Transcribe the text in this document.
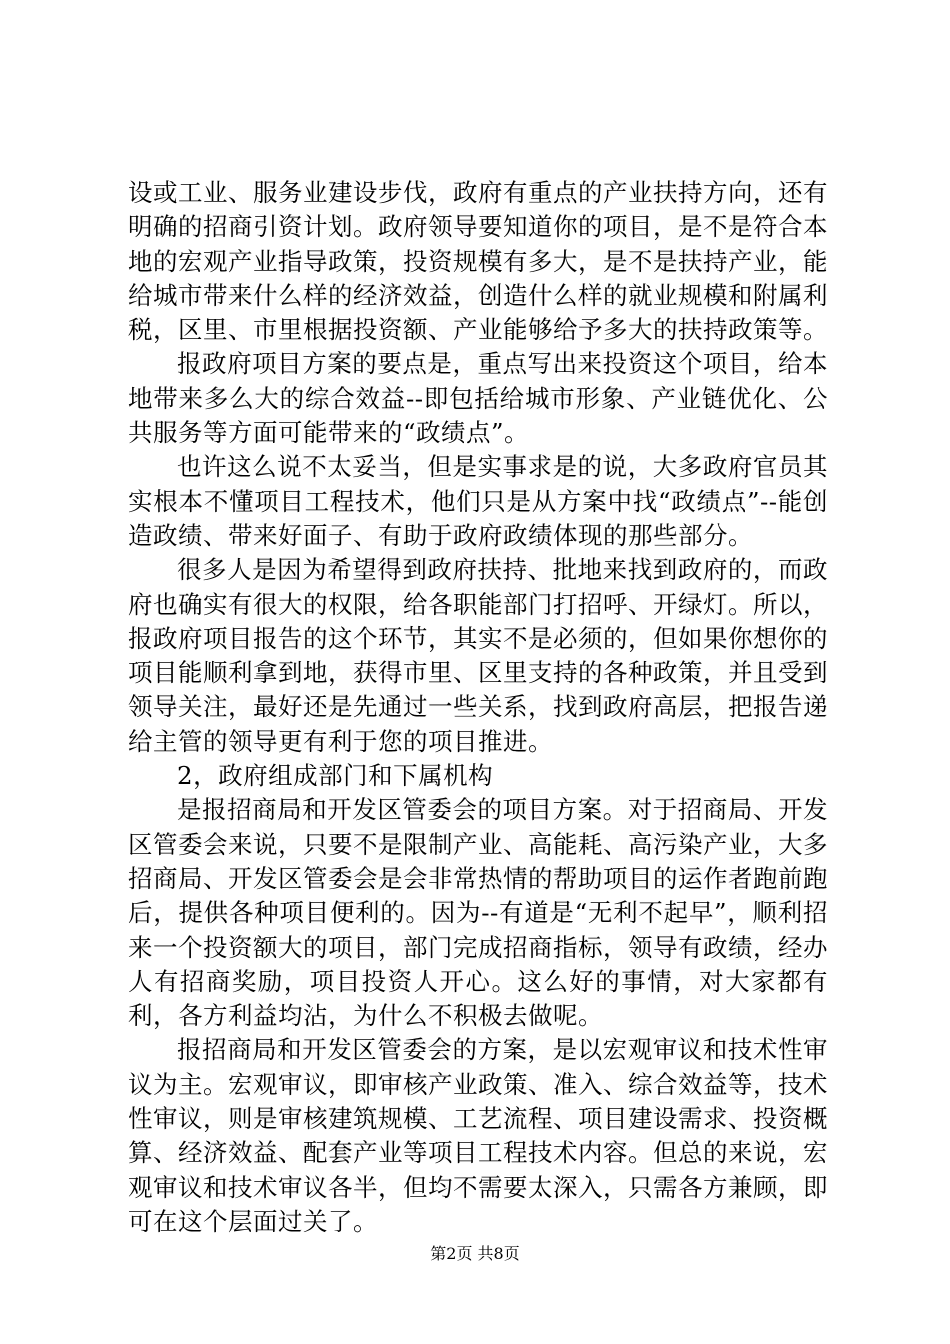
设或工业、服务业建设步伐，政府有重点的产业扶持方向，还有明确的招商引资计划。政府领导要知道你的项目，是不是符合本地的宏观产业指导政策，投资规模有多大，是不是扶持产业，能给城市带来什么样的经济效益，创造什么样的就业规模和附属利税，区里、市里根据投资额、产业能够给予多大的扶持政策等。

报政府项目方案的要点是，重点写出来投资这个项目，给本地带来多么大的综合效益--即包括给城市形象、产业链优化、公共服务等方面可能带来的“政绩点”。

也许这么说不太妥当，但是实事求是的说，大多政府官员其实根本不懂项目工程技术，他们只是从方案中找“政绩点”--能创造政绩、带来好面子、有助于政府政绩体现的那些部分。

很多人是因为希望得到政府扶持、批地来找到政府的，而政府也确实有很大的权限，给各职能部门打招呼、开绿灯。所以，报政府项目报告的这个环节，其实不是必须的，但如果你想你的项目能顺利拿到地，获得市里、区里支持的各种政策，并且受到领导关注，最好还是先通过一些关系，找到政府高层，把报告递给主管的领导更有利于您的项目推进。

2，政府组成部门和下属机构

是报招商局和开发区管委会的项目方案。对于招商局、开发区管委会来说，只要不是限制产业、高能耗、高污染产业，大多招商局、开发区管委会是会非常热情的帮助项目的运作者跑前跑后，提供各种项目便利的。因为--有道是“无利不起早”，顺利招来一个投资额大的项目，部门完成招商指标，领导有政绩，经办人有招商奖励，项目投资人开心。这么好的事情，对大家都有利，各方利益均沾，为什么不积极去做呢。

报招商局和开发区管委会的方案，是以宏观审议和技术性审议为主。宏观审议，即审核产业政策、准入、综合效益等，技术性审议，则是审核建筑规模、工艺流程、项目建设需求、投资概算、经济效益、配套产业等项目工程技术内容。但总的来说，宏观审议和技术审议各半，但均不需要太深入，只需各方兼顾，即可在这个层面过关了。

第2页 共8页
